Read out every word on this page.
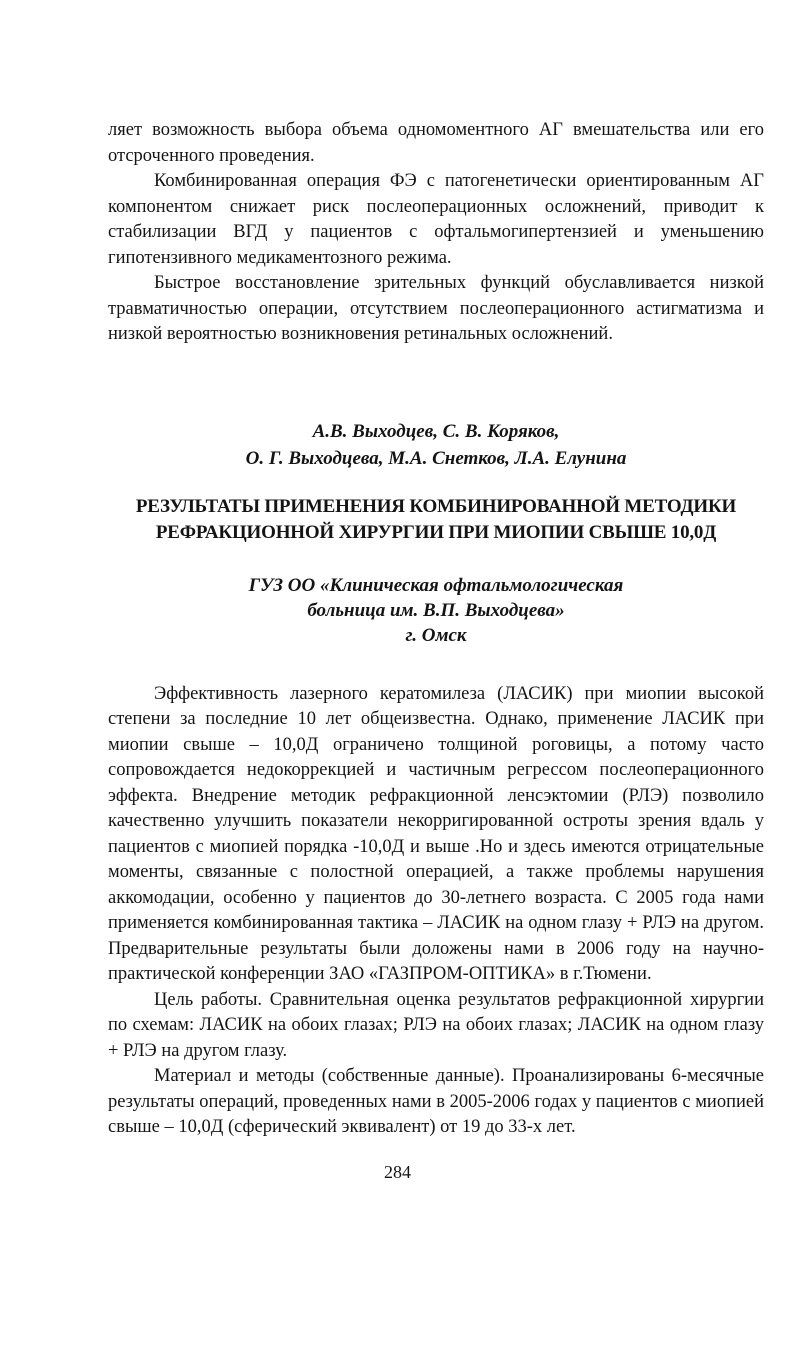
ляет возможность выбора объема одномоментного АГ вмешательства или его отсроченного проведения.

Комбинированная операция ФЭ с патогенетически ориентированным АГ компонентом снижает риск послеоперационных осложнений, приводит к стабилизации ВГД у пациентов с офтальмогипертензией и уменьшению гипотензивного медикаментозного режима.

Быстрое восстановление зрительных функций обуславливается низкой травматичностью операции, отсутствием послеоперационного астигматизма и низкой вероятностью возникновения ретинальных осложнений.

А.В. Выходцев, С. В. Коряков,
О. Г. Выходцева, М.А. Снетков, Л.А. Елунина

РЕЗУЛЬТАТЫ ПРИМЕНЕНИЯ КОМБИНИРОВАННОЙ МЕТОДИКИ
РЕФРАКЦИОННОЙ ХИРУРГИИ ПРИ МИОПИИ СВЫШЕ 10,0Д

ГУЗ ОО «Клиническая офтальмологическая
больница им. В.П. Выходцева»
г. Омск

Эффективность лазерного кератомилеза (ЛАСИК) при миопии высокой степени за последние 10 лет общеизвестна. Однако, применение ЛАСИК при миопии свыше – 10,0Д ограничено толщиной роговицы, а потому часто сопровождается недокоррекцией и частичным регрессом послеоперационного эффекта. Внедрение методик рефракционной ленсэктомии (РЛЭ) позволило качественно улучшить показатели некорригированной остроты зрения вдаль у пациентов с миопией порядка -10,0Д и выше .Но и здесь имеются отрицательные моменты, связанные с полостной операцией, а также проблемы нарушения аккомодации, особенно у пациентов до 30-летнего возраста. С 2005 года нами применяется комбинированная тактика – ЛАСИК на одном глазу + РЛЭ на другом. Предварительные результаты были доложены нами в 2006 году на научно-практической конференции ЗАО «ГАЗПРОМ-ОПТИКА» в г.Тюмени.

Цель работы. Сравнительная оценка результатов рефракционной хирургии по схемам: ЛАСИК на обоих глазах; РЛЭ на обоих глазах; ЛАСИК на одном глазу + РЛЭ на другом глазу.

Материал и методы (собственные данные). Проанализированы 6-месячные результаты операций, проведенных нами в 2005-2006 годах у пациентов с миопией свыше – 10,0Д (сферический эквивалент) от 19 до 33-х лет.

284
